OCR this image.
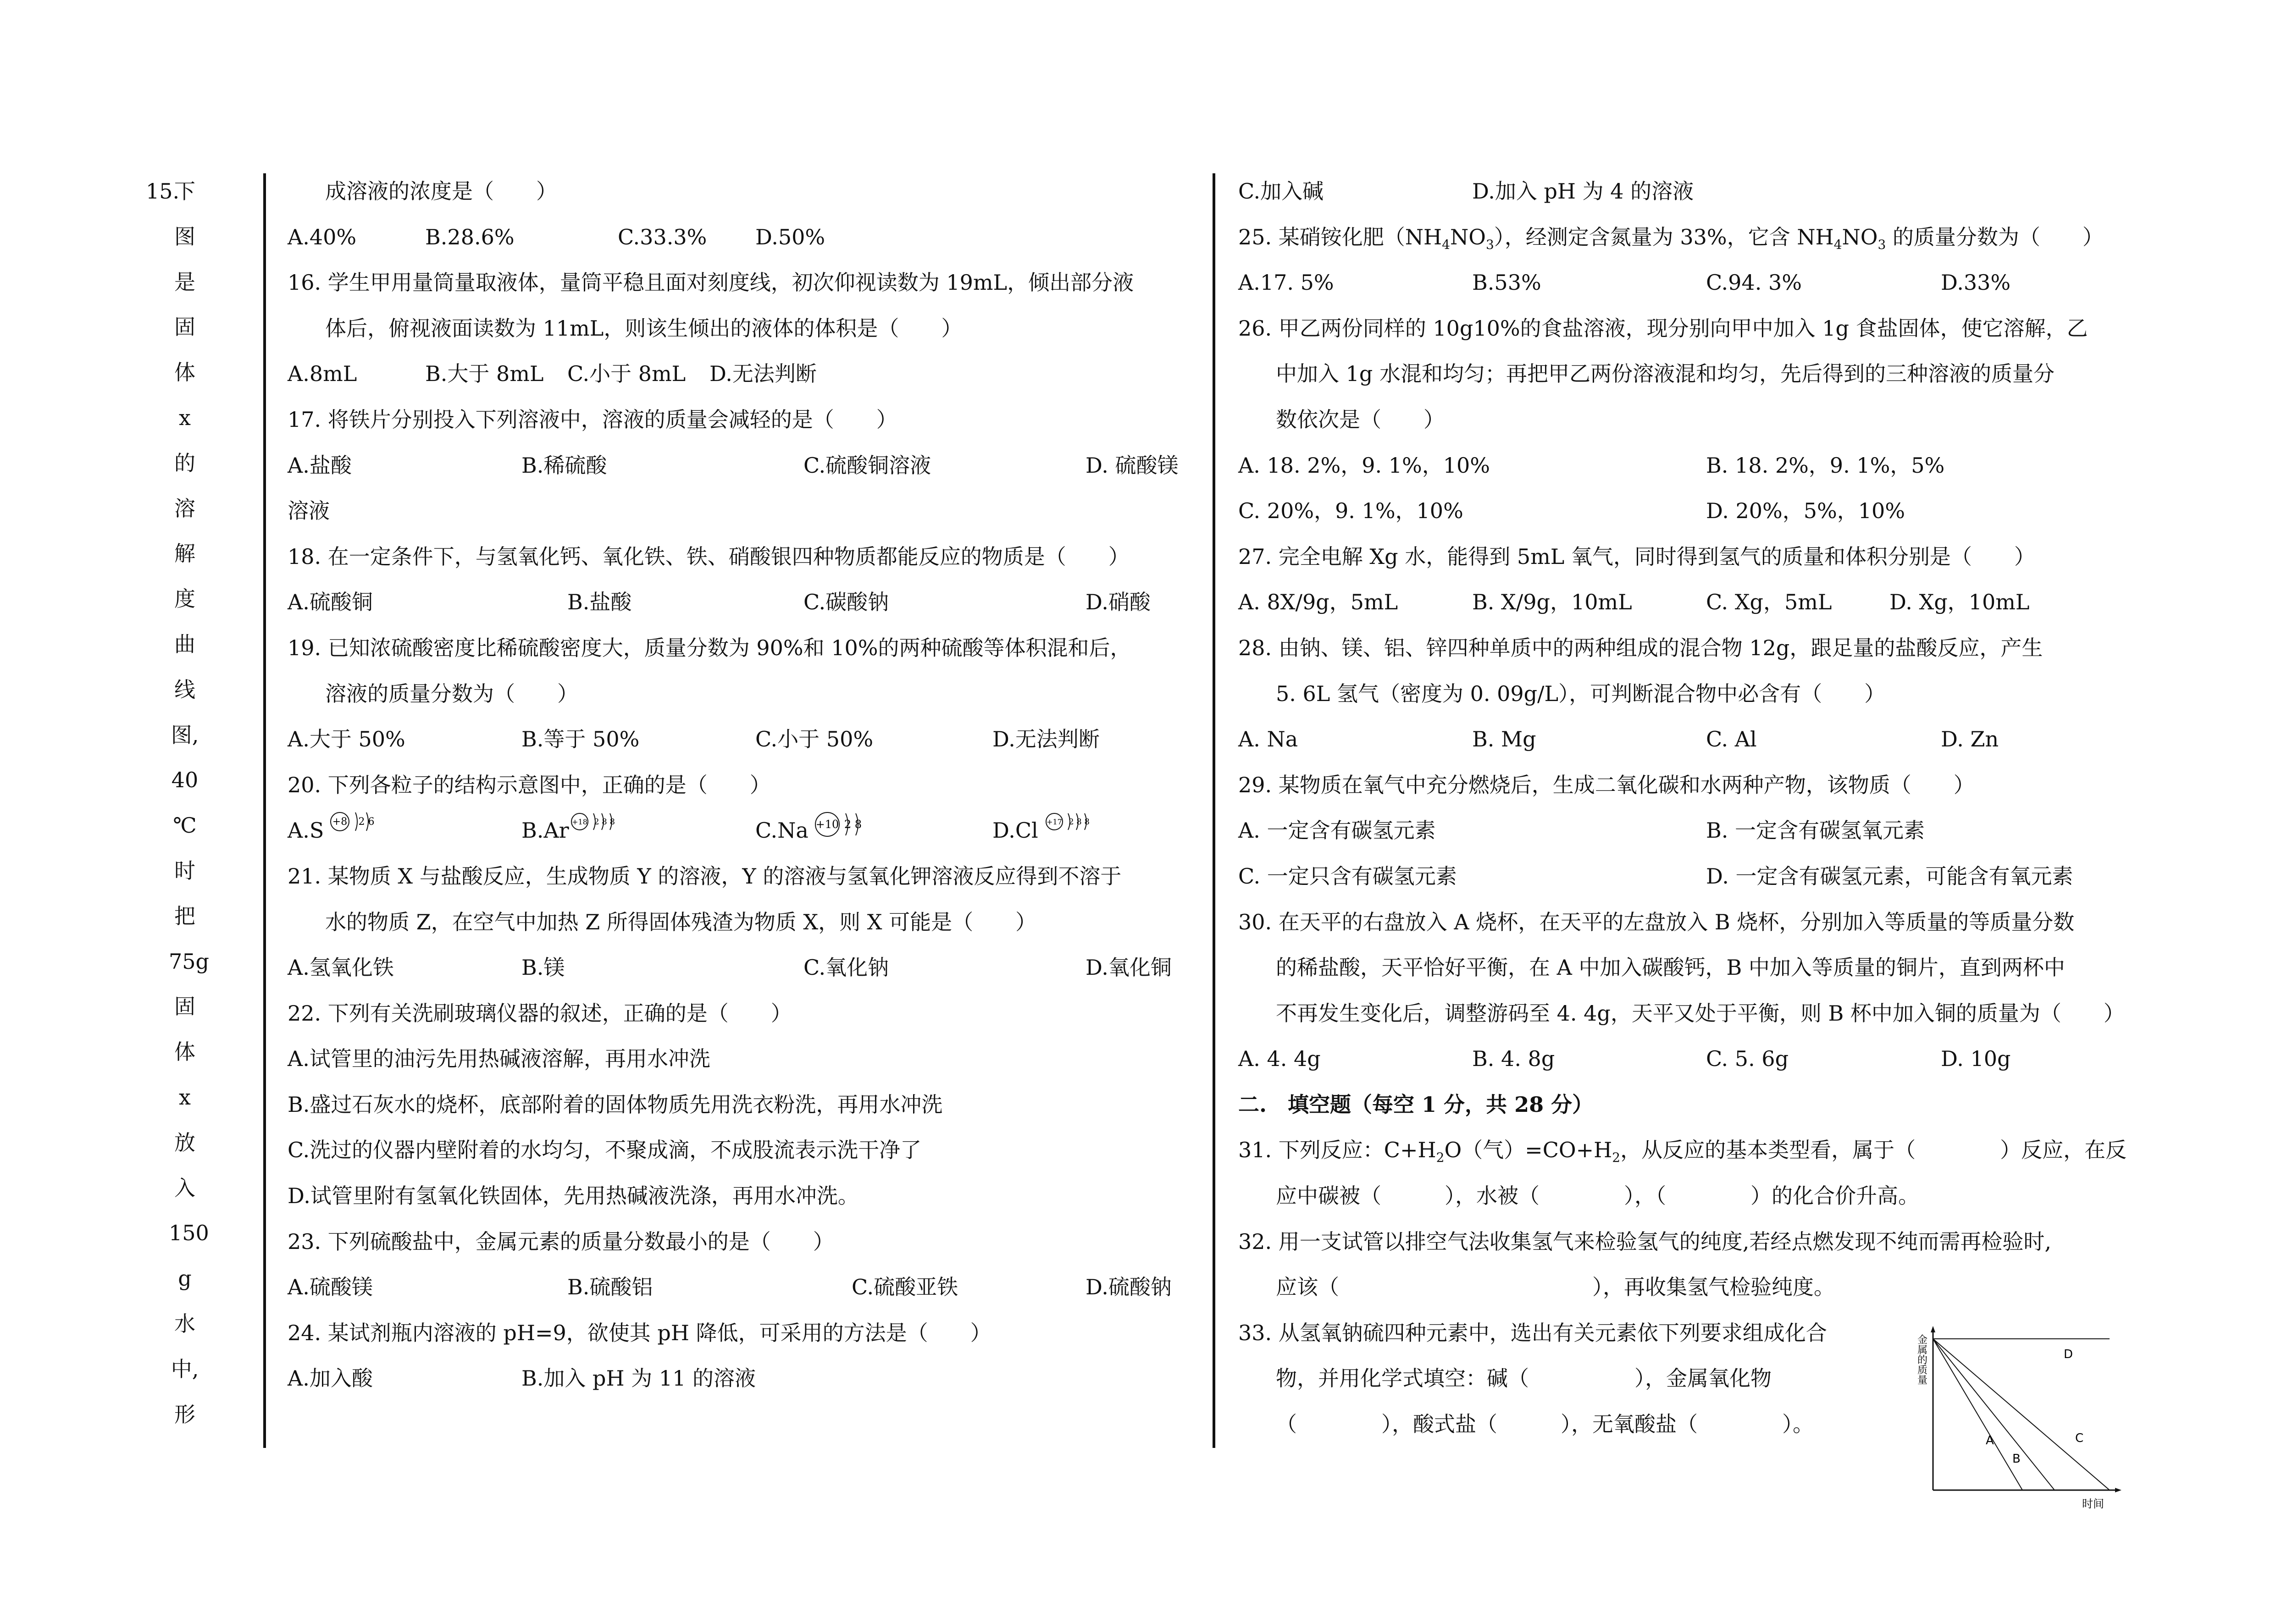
15.
下
图
是
固
体
x
的
溶
解
度
曲
线
图,
40
℃
时
把
75g
固
体
x
放
入
150
g
水
中,
形
成溶液的浓度是（　　）
A.40%	B.28.6%	C.33.3% D.50%
16. 学生甲用量筒量取液体，量筒平稳且面对刻度线，初次仰视读数为 19mL，倾出部分液
体后，俯视液面读数为 11mL，则该生倾出的液体的体积是（　　）
A.8mL	B.大于 8mL C.小于 8mL D.无法判断
17. 将铁片分别投入下列溶液中，溶液的质量会减轻的是（　　）
A.盐酸	B.稀硫酸	C.硫酸铜溶液	D. 硫酸镁
溶液
18. 在一定条件下，与氢氧化钙、氧化铁、铁、硝酸银四种物质都能反应的物质是（　　）
A.硫酸铜	B.盐酸	C.碳酸钠	D.硝酸
19. 已知浓硫酸密度比稀硫酸密度大，质量分数为 90%和 10%的两种硫酸等体积混和后，
溶液的质量分数为（　　）
A.大于 50%	B.等于 50%	C.小于 50%	D.无法判断
20. 下列各粒子的结构示意图中，正确的是（　　）
+8 2 6	+18 2 8 8	+10 2 8	+17 2 8 8
A.S	B.Ar	C.Na	D.Cl
21. 某物质 X 与盐酸反应，生成物质 Y 的溶液，Y 的溶液与氢氧化钾溶液反应得到不溶于
水的物质 Z，在空气中加热 Z 所得固体残渣为物质 X，则 X 可能是（　　）
A.氢氧化铁	B.镁	C.氧化钠	D.氧化铜
22. 下列有关洗刷玻璃仪器的叙述，正确的是（　　）
A.试管里的油污先用热碱液溶解，再用水冲洗
B.盛过石灰水的烧杯，底部附着的固体物质先用洗衣粉洗，再用水冲洗
C.洗过的仪器内壁附着的水均匀，不聚成滴，不成股流表示洗干净了
D.试管里附有氢氧化铁固体，先用热碱液洗涤，再用水冲洗。
23. 下列硫酸盐中，金属元素的质量分数最小的是（　　）
A.硫酸镁	B.硫酸铝	C.硫酸亚铁	D.硫酸钠
24. 某试剂瓶内溶液的 pH=9，欲使其 pH 降低，可采用的方法是（　　）
A.加入酸	B.加入 pH 为 11 的溶液
C.加入碱	D.加入 pH 为 4 的溶液
25. 某硝铵化肥$(NH_4NO_3)$，经测定含氮量为 33%，它含 $NH_4NO_3$ 的质量分数为（　　）
A.17. 5%	B.53%	C.94. 3%	D.33%
26. 甲乙两份同样的 10g10%的食盐溶液，现分别向甲中加入 1g 食盐固体，使它溶解，乙
中加入 1g 水混和均匀；再把甲乙两份溶液混和均匀，先后得到的三种溶液的质量分
数依次是（　　）
A. 18. 2%，9. 1%，10%	B. 18. 2%，9. 1%，5%
C. 20%，9. 1%，10%	D. 20%，5%，10%
27. 完全电解 Xg 水，能得到 5mL 氧气，同时得到氢气的质量和体积分别是（　　）
A. 8X/9g，5mL	B. X/9g，10mL	C. Xg，5mL	D. Xg，10mL
28. 由钠、镁、铝、锌四种单质中的两种组成的混合物 12g，跟足量的盐酸反应，产生
5. 6L 氢气（密度为 0. 09g/L），可判断混合物中必含有（　　）
A. Na	B. Mg	C. Al	D. Zn
29. 某物质在氧气中充分燃烧后，生成二氧化碳和水两种产物，该物质（　　）
A. 一定含有碳氢元素	B. 一定含有碳氢氧元素
C. 一定只含有碳氢元素	D. 一定含有碳氢元素，可能含有氧元素
30. 在天平的右盘放入 A 烧杯，在天平的左盘放入 B 烧杯，分别加入等质量的等质量分数
的稀盐酸，天平恰好平衡，在 A 中加入碳酸钙，B 中加入等质量的铜片，直到两杯中
不再发生变化后，调整游码至 4. 4g，天平又处于平衡，则 B 杯中加入铜的质量为（　　）
A. 4. 4g	B. 4. 8g	C. 5. 6g	D. 10g
二.　填空题（每空 1 分，共 28 分）
31. 下列反应：$C+H_2O$（气）$=CO+H_2$，从反应的基本类型看，属于（　　　　）反应，在反
应中碳被（　　　），水被（　　　　），（　　　　）的化合价升高。
32. 用一支试管以排空气法收集氢气来检验氢气的纯度,若经点燃发现不纯而需再检验时,
应该（　　　　　　　　　　　　），再收集氢气检验纯度。
33. 从氢氧钠硫四种元素中，选出有关元素依下列要求组成化合
物，并用化学式填空：碱（　　　　　），金属氧化物
（　　　　），酸式盐（　　　），无氧酸盐（　　　　）。
A
B
C
D
金属的质量
时间
